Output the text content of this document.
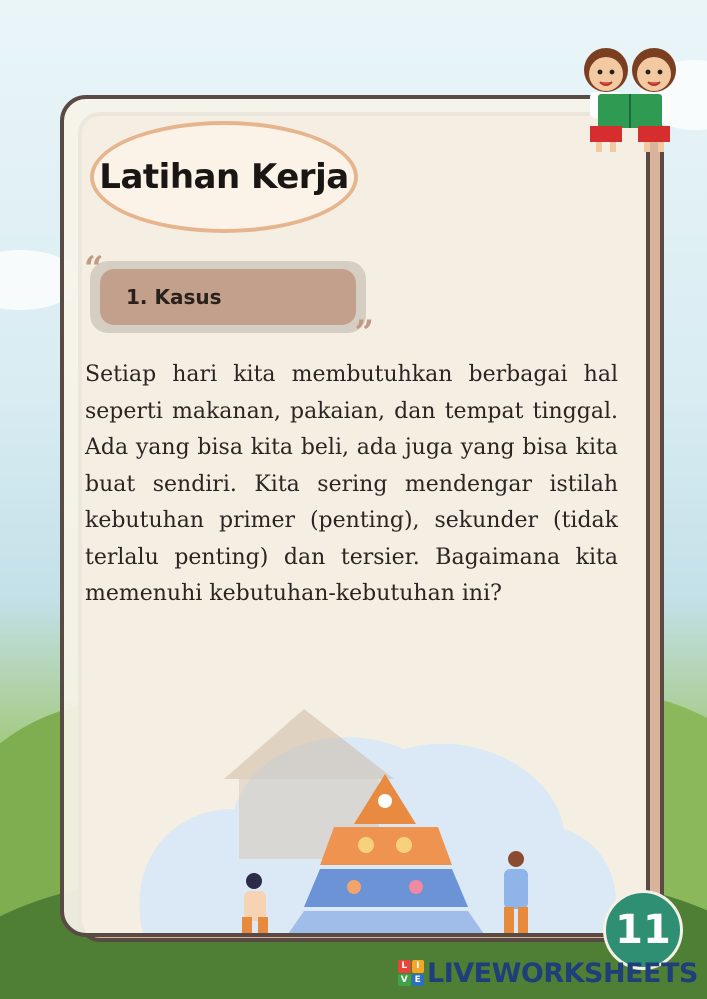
Latihan Kerja
1. Kasus
“
”

Setiap hari kita membutuhkan berbagai hal seperti makanan, pakaian, dan tempat tinggal. Ada yang bisa kita beli, ada juga yang bisa kita buat sendiri. Kita sering mendengar istilah kebutuhan primer (penting), sekunder (tidak terlalu penting) dan tersier. Bagaimana kita memenuhi kebutuhan-kebutuhan ini?

11
L I
V E LIVEWORKSHEETS
